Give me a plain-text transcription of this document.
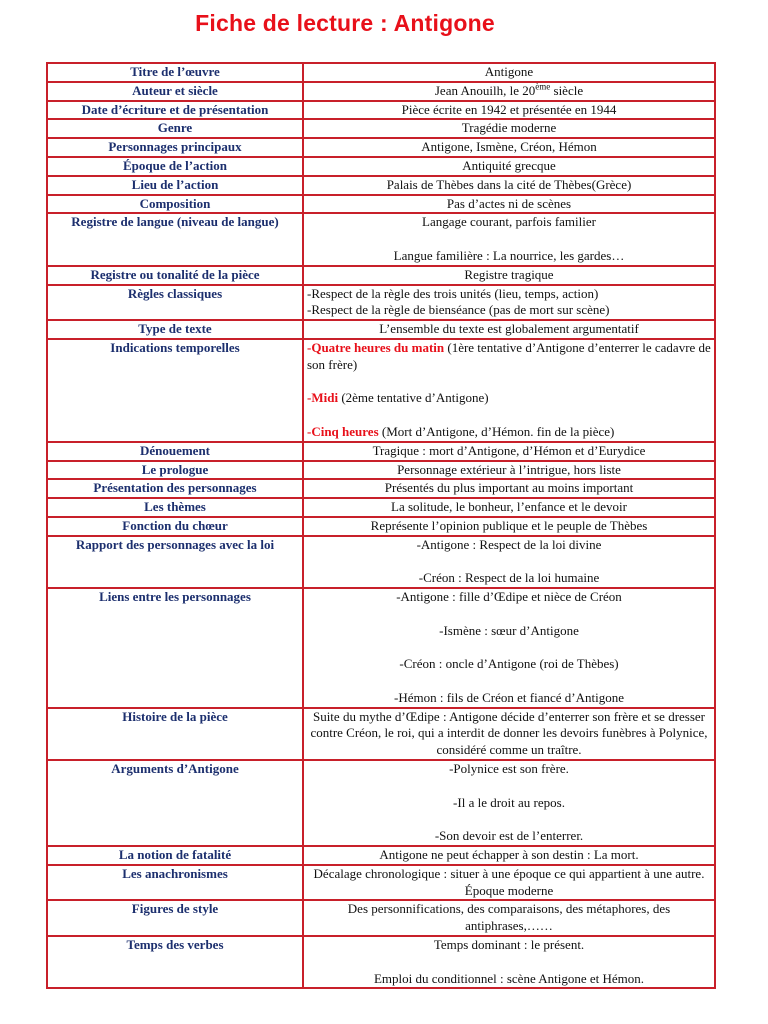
Fiche de lecture : Antigone
Titre de l’œuvre	Antigone
Auteur et siècle	Jean Anouilh, le 20ème siècle
Date d’écriture et de présentation	Pièce écrite en 1942 et présentée en 1944
Genre	Tragédie moderne
Personnages principaux	Antigone, Ismène, Créon, Hémon
Époque de l’action	Antiquité grecque
Lieu de l’action	Palais de Thèbes dans la cité de Thèbes(Grèce)
Composition	Pas d’actes ni de scènes
Registre de langue (niveau de langue)	Langage courant, parfois familier
Langue familière : La nourrice, les gardes…

Registre ou tonalité de la pièce	Registre tragique
Règles classiques	-Respect de la règle des trois unités (lieu, temps, action)
-Respect de la règle de bienséance (pas de mort sur scène)

Type de texte	L’ensemble du texte est globalement argumentatif
Indications temporelles	-Quatre heures du matin (1ère tentative d’Antigone d’enterrer le cadavre de son frère)
-Midi (2ème tentative d’Antigone)
-Cinq heures (Mort d’Antigone, d’Hémon. fin de la pièce)

Dénouement	Tragique : mort d’Antigone, d’Hémon et d’Eurydice
Le prologue	Personnage extérieur à l’intrigue, hors liste
Présentation des personnages	Présentés du plus important au moins important
Les thèmes	La solitude, le bonheur, l’enfance et le devoir
Fonction du chœur	Représente l’opinion publique et le peuple de Thèbes
Rapport des personnages avec la loi	-Antigone : Respect de la loi divine
-Créon : Respect de la loi humaine

Liens entre les personnages	-Antigone : fille d’Œdipe et nièce de Créon
-Ismène : sœur d’Antigone
-Créon : oncle d’Antigone (roi de Thèbes)
-Hémon : fils de Créon et fiancé d’Antigone

Histoire de la pièce	Suite du mythe d’Œdipe : Antigone décide d’enterrer son frère et se dresser contre Créon, le roi, qui a interdit de donner les devoirs funèbres à Polynice, considéré comme un traître.
Arguments d’Antigone	-Polynice est son frère.
-Il a le droit au repos.
-Son devoir est de l’enterrer.

La notion de fatalité	Antigone ne peut échapper à son destin : La mort.
Les anachronismes	Décalage chronologique : situer à une époque ce qui appartient à une autre. Époque moderne
Figures de style	Des personnifications, des comparaisons, des métaphores, des antiphrases,……
Temps des verbes	Temps dominant : le présent.
Emploi du conditionnel : scène Antigone et Hémon.
